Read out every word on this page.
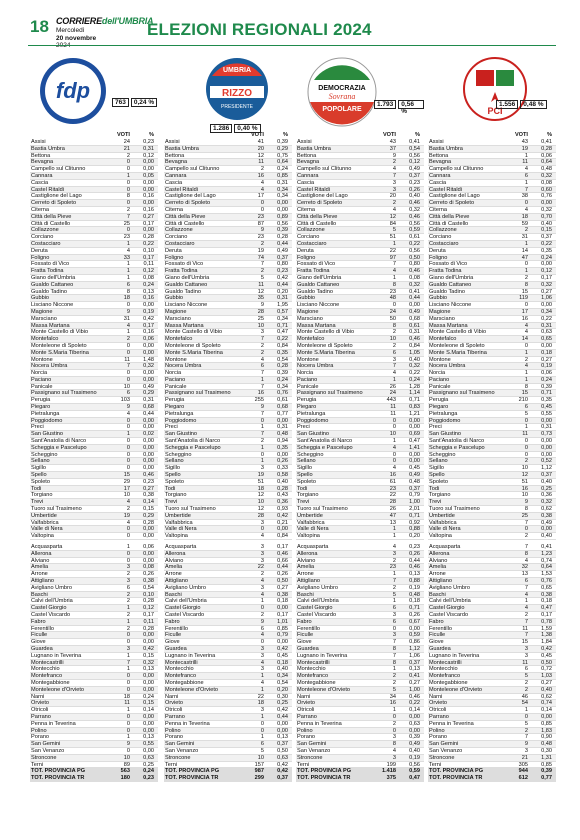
18 CORRIEREdell'UMBRIA
Mercoledì
20 novembre	ELEZIONI REGIONALI 2024
fdp	763	0,24 %
VOTI	%
Assisi	24	0,23
Bastia Umbra	21	0,31
Bettona	2	0,12
Bevagna	0	0,00
Campello sul Clitunno	0	0,00
Cannara	1	0,05
Cascia	0	0,00
Castel Ritaldi	0	0,00
Castiglione del Lago	8	0,16
Cerreto di Spoleto	0	0,00
Citerna	2	0,16
Città della Pieve	7	0,27
Città di Castello	25	0,17
Collazzone	0	0,00
Corciano	23	0,28
Costacciaro	1	0,22
Deruta	4	0,10
Foligno	33	0,17
Fossato di Vico	1	0,11
Fratta Todina	1	0,12
Giano dell'Umbria	1	0,08
Gualdo Cattaneo	6	0,24
Gualdo Tadino	8	0,13
Gubbio	18	0,16
Lisciano Niccone	0	0,00
Magione	9	0,19
Marsciano	31	0,42
Massa Martana	4	0,17
Monte Castello di Vibio	1	0,16
Montefalco	2	0,06
Monteleone di Spoleto	0	0,00
Monte S.Maria Tiberina	0	0,00
Montone	11	1,48
Nocera Umbra	7	0,32
Norcia	0	0,00
Paciano	0	0,00
Panicale	10	0,49
Passignano sul Trasimeno	6	0,29
Perugia	103	0,31
Piegaro	9	0,68
Pietralunga	4	0,44
Poggiodomo	0	0,00
Preci	0	0,00
San Giustino	1	0,02
Sant'Anatolia di Narco	0	0,00
Scheggia e Pascelupo	0	0,00
Scheggino	0	0,00
Sellano	0	0,00
Sigillo	0	0,00
Spello	15	0,46
Spoleto	29	0,23
Todi	17	0,27
Torgiano	10	0,38
Trevi	4	0,14
Tuoro sul Trasimeno	2	0,15
Umbertide	19	0,29
Valfabbrica	4	0,28
Valle di Nera	0	0,00
Valtopina	0	0,00
Acquasparta	1	0,06
Allerona	0	0,00
Alviano	0	0,00
Amelia	3	0,08
Arrone	2	0,26
Attigliano	3	0,38
Avigliano Umbro	6	0,54
Baschi	2	0,10
Calvi dell'Umbria	2	0,28
Castel Giorgio	1	0,12
Castel Viscardo	2	0,17
Fabro	1	0,11
Ferentillo	2	0,28
Ficulle	0	0,00
Giove	0	0,00
Guardea	3	0,42
Lugnano in Teverina	1	0,15
Montecastrilli	7	0,32
Montecchio	1	0,13
Montefranco	0	0,00
Montegabbione	0	0,00
Monteleone d'Orvieto	0	0,00
Narni	18	0,24
Orvieto	11	0,15
Otricoli	1	0,14
Parrano	0	0,00
Penna in Teverina	0	0,00
Polino	0	0,00
Porano	1	0,13
San Gemini	9	0,55
San Venanzo	0	0,00
Stroncone	10	0,63
Terni	89	0,25
TOT. PROVINCIA PG	563	0,24
TOT. PROVINCIA TR	180	0,23
UMBRIA
RIZZO
PRESIDENTE
1.286	0,40 %
VOTI	%
Assisi	41	0,39
Bastia Umbra	20	0,29
Bettona	12	0,75
Bevagna	11	0,64
Campello sul Clitunno	2	0,24
Cannara	16	0,85
Cascia	4	0,31
Castel Ritaldi	4	0,34
Castiglione del Lago	17	0,34
Cerreto di Spoleto	0	0,00
Citerna	0	0,00
Città della Pieve	23	0,89
Città di Castello	87	0,56
Collazzone	9	0,39
Corciano	23	0,28
Costacciaro	2	0,44
Deruta	19	0,49
Foligno	74	0,37
Fossato di Vico	7	0,80
Fratta Todina	2	0,23
Giano dell'Umbria	5	0,42
Gualdo Cattaneo	11	0,44
Gualdo Tadino	12	0,20
Gubbio	35	0,31
Lisciano Niccone	9	1,95
Magione	28	0,57
Marsciano	25	0,34
Massa Martana	10	0,71
Monte Castello di Vibio	3	0,47
Montefalco	7	0,22
Monteleone di Spoleto	2	0,84
Monte S.Maria Tiberina	2	0,35
Montone	4	0,54
Nocera Umbra	6	0,28
Norcia	7	0,39
Paciano	1	0,24
Panicale	7	0,34
Passignano sul Trasimeno	16	0,76
Perugia	255	0,61
Piegaro	9	0,68
Pietralunga	7	0,77
Poggiodomo	0	0,00
Preci	1	0,31
San Giustino	7	0,48
Sant'Anatolia di Narco	2	0,94
Scheggia e Pascelupo	1	0,35
Scheggino	0	0,00
Sellano	1	0,26
Sigillo	3	0,33
Spello	19	0,58
Spoleto	51	0,40
Todi	18	0,28
Torgiano	12	0,43
Trevi	10	0,36
Tuoro sul Trasimeno	12	0,93
Umbertide	28	0,42
Valfabbrica	3	0,21
Valle di Nera	0	0,00
Valtopina	4	0,84
Acquasparta	3	0,17
Allerona	3	0,46
Alviano	3	0,66
Amelia	22	0,44
Arrone	2	0,26
Attigliano	4	0,50
Avigliano Umbro	3	0,27
Baschi	4	0,38
Calvi dell'Umbria	1	0,18
Castel Giorgio	0	0,00
Castel Viscardo	2	0,17
Fabro	9	1,01
Ferentillo	6	0,85
Ficulle	4	0,79
Giove	0	0,00
Guardea	3	0,42
Lugnano in Teverina	3	0,45
Montecastrilli	4	0,18
Montecchio	3	0,40
Montefranco	1	0,34
Montegabbione	4	0,54
Monteleone d'Orvieto	1	0,20
Narni	22	0,30
Orvieto	18	0,25
Otricoli	3	0,42
Parrano	1	0,44
Penna in Teverina	0	0,00
Polino	0	0,00
Porano	1	0,13
San Gemini	6	0,37
San Venanzo	5	0,50
Stroncone	10	0,63
Terni	157	0,42
TOT. PROVINCIA PG	987	0,42
TOT. PROVINCIA TR	299	0,37
DEMOCRAZIA
Sovrana
POPOLARE
1.793	0,56 %
VOTI	%
Assisi	43	0,41
Bastia Umbra	37	0,54
Bettona	9	0,56
Bevagna	2	0,12
Campello sul Clitunno	4	0,49
Cannara	7	0,37
Cascia	3	0,23
Castel Ritaldi	3	0,26
Castiglione del Lago	20	0,40
Cerreto di Spoleto	2	0,46
Citerna	4	0,32
Città della Pieve	12	0,46
Città di Castello	84	0,56
Collazzone	5	0,59
Corciano	51	0,61
Costacciaro	1	0,22
Deruta	22	0,56
Foligno	97	0,50
Fossato di Vico	7	0,80
Fratta Todina	4	0,46
Giano dell'Umbria	1	0,08
Gualdo Cattaneo	8	0,32
Gualdo Tadino	23	0,41
Gubbio	48	0,44
Lisciano Niccone	0	0,00
Magione	24	0,49
Marsciano	50	0,68
Massa Martana	8	0,61
Monte Castello di Vibio	2	0,31
Montefalco	10	0,46
Monteleone di Spoleto	2	0,84
Monte S.Maria Tiberina	6	1,05
Montone	3	0,40
Nocera Umbra	7	0,32
Norcia	4	0,22
Paciano	1	0,24
Panicale	26	1,28
Passignano sul Trasimeno	24	1,14
Perugia	443	0,71
Piegaro	11	0,83
Pietralunga	11	1,21
Poggiodomo	0	0,00
Preci	0	0,00
San Giustino	10	0,69
Sant'Anatolia di Narco	1	0,47
Scheggia e Pascelupo	4	1,41
Scheggino	0	0,00
Sellano	0	0,00
Sigillo	4	0,45
Spello	16	0,49
Spoleto	61	0,48
Todi	23	0,37
Torgiano	22	0,79
Trevi	28	1,00
Tuoro sul Trasimeno	26	2,01
Umbertide	47	0,71
Valfabbrica	13	0,92
Valle di Nera	1	0,88
Valtopina	1	0,20
Acquasparta	4	0,23
Allerona	3	0,26
Alviano	2	0,44
Amelia	23	0,46
Arrone	1	0,13
Attigliano	7	0,88
Avigliano Umbro	2	0,19
Baschi	5	0,48
Calvi dell'Umbria	1	0,18
Castel Giorgio	6	0,71
Castel Viscardo	3	0,26
Fabro	6	0,67
Ferentillo	0	0,00
Ficulle	3	0,59
Giove	7	0,86
Guardea	8	1,12
Lugnano in Teverina	7	1,06
Montecastrilli	8	0,37
Montecchio	1	0,13
Montefranco	2	0,41
Montegabbione	2	0,27
Monteleone d'Orvieto	5	1,00
Narni	34	0,46
Orvieto	16	0,22
Otricoli	1	0,14
Parrano	0	0,00
Penna in Teverina	2	0,63
Polino	0	0,00
Porano	3	0,39
San Gemini	8	0,49
San Venanzo	4	0,40
Stroncone	3	0,19
Terni	199	0,56
TOT. PROVINCIA PG	1.418	0,59
TOT. PROVINCIA TR	375	0,47
PCI
1.556	0,48 %
VOTI	%
Assisi	43	0,41
Bastia Umbra	19	0,28
Bettona	1	0,06
Bevagna	11	0,64
Campello sul Clitunno	4	0,48
Cannara	6	0,32
Cascia	1	0,08
Castel Ritaldi	7	0,60
Castiglione del Lago	38	0,76
Cerreto di Spoleto	0	0,00
Citerna	4	0,32
Città della Pieve	18	0,70
Città di Castello	59	0,40
Collazzone	2	0,15
Corciano	31	0,37
Costacciaro	1	0,22
Deruta	14	0,35
Foligno	47	0,24
Fossato di Vico	0	0,00
Fratta Todina	1	0,12
Giano dell'Umbria	2	0,17
Gualdo Cattaneo	8	0,32
Gualdo Tadino	15	0,27
Gubbio	119	1,06
Lisciano Niccone	0	0,00
Magione	17	0,34
Marsciano	16	0,22
Massa Martana	4	0,31
Monte Castello di Vibio	4	0,63
Montefalco	14	0,65
Monteleone di Spoleto	0	0,00
Monte S.Maria Tiberina	1	0,18
Montone	2	0,27
Nocera Umbra	4	0,19
Norcia	1	0,06
Paciano	1	0,24
Panicale	8	0,39
Passignano sul Trasimeno	15	0,71
Perugia	210	0,35
Piegaro	6	0,45
Pietralunga	5	0,55
Poggiodomo	0	0,00
Preci	1	0,31
San Giustino	11	0,73
Sant'Anatolia di Narco	0	0,00
Scheggia e Pascelupo	0	0,00
Scheggino	0	0,00
Sellano	2	0,52
Sigillo	10	1,12
Spello	12	0,37
Spoleto	51	0,40
Todi	16	0,25
Torgiano	10	0,36
Trevi	9	0,32
Tuoro sul Trasimeno	8	0,62
Umbertide	25	0,38
Valfabbrica	7	0,49
Valle di Nera	0	0,00
Valtopina	2	0,40
Acquasparta	7	0,41
Allerona	8	1,23
Alviano	4	0,74
Amelia	32	0,64
Arrone	13	1,53
Attigliano	6	0,76
Avigliano Umbro	7	0,65
Baschi	4	0,38
Calvi dell'Umbria	1	0,18
Castel Giorgio	4	0,47
Castel Viscardo	2	0,17
Fabro	7	0,78
Ferentillo	11	1,59
Ficulle	7	1,38
Giove	15	1,84
Guardea	3	0,42
Lugnano in Teverina	3	0,45
Montecastrilli	11	0,50
Montecchio	6	0,72
Montefranco	5	1,03
Montegabbione	2	0,27
Monteleone d'Orvieto	2	0,40
Narni	46	0,62
Orvieto	54	0,74
Otricoli	1	0,14
Parrano	0	0,00
Penna in Teverina	5	0,85
Polino	2	1,83
Porano	7	0,90
San Gemini	9	0,48
San Venanzo	3	0,30
Stroncone	21	1,31
Terni	305	0,85
TOT. PROVINCIA PG	944	0,39
TOT. PROVINCIA TR	612	0,77
